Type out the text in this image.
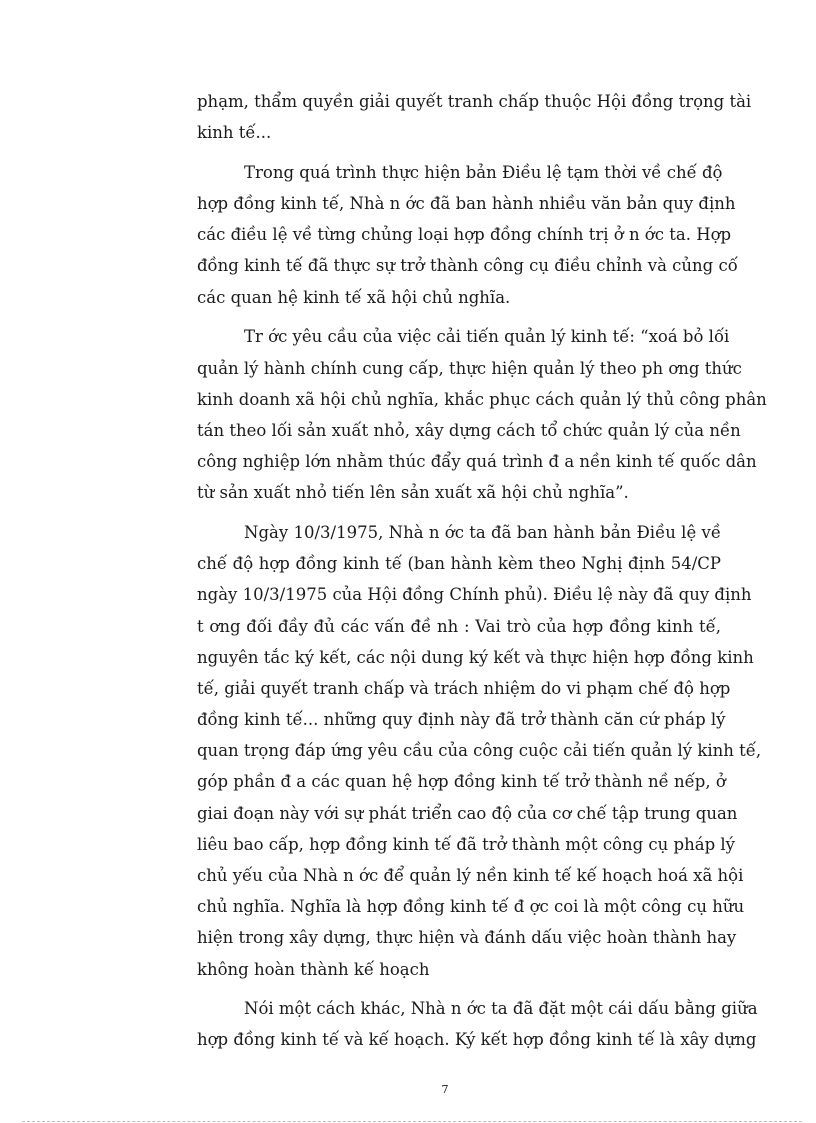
phạm, thẩm quyền giải quyết tranh chấp thuộc Hội đồng trọng tài
kinh tế...
Trong quá trình thực hiện bản Điều lệ tạm thời về chế độ
hợp đồng kinh tế, Nhà n ớc đã ban hành nhiều văn bản quy định
các điều lệ về từng chủng loại hợp đồng chính trị ở n ớc ta. Hợp
đồng kinh tế đã thực sự trở thành công cụ điều chỉnh và củng cố
các quan hệ kinh tế xã hội chủ nghĩa.
Tr ớc yêu cầu của việc cải tiến quản lý kinh tế: “xoá bỏ lối
quản lý hành chính cung cấp, thực hiện quản lý theo ph ơng thức
kinh doanh xã hội chủ nghĩa, khắc phục cách quản lý thủ công phân
tán theo lối sản xuất nhỏ, xây dựng cách tổ chức quản lý của nền
công nghiệp lớn nhằm thúc đẩy quá trình đ a nền kinh tế quốc dân
từ sản xuất nhỏ tiến lên sản xuất xã hội chủ nghĩa”.
Ngày 10/3/1975, Nhà n ớc ta đã ban hành bản Điều lệ về
chế độ hợp đồng kinh tế (ban hành kèm theo Nghị định 54/CP
ngày 10/3/1975 của Hội đồng Chính phủ). Điều lệ này đã quy định
t ơng đối đầy đủ các vấn đề nh : Vai trò của hợp đồng kinh tế,
nguyên tắc ký kết, các nội dung ký kết và thực hiện hợp đồng kinh
tế, giải quyết tranh chấp và trách nhiệm do vi phạm chế độ hợp
đồng kinh tế... những quy định này đã trở thành căn cứ pháp lý
quan trọng đáp ứng yêu cầu của công cuộc cải tiến quản lý kinh tế,
góp phần đ a các quan hệ hợp đồng kinh tế trở thành nề nếp, ở
giai đoạn này với sự phát triển cao độ của cơ chế tập trung quan
liêu bao cấp, hợp đồng kinh tế đã trở thành một công cụ pháp lý
chủ yếu của Nhà n ớc để quản lý nền kinh tế kế hoạch hoá xã hội
chủ nghĩa. Nghĩa là hợp đồng kinh tế đ ợc coi là một công cụ hữu
hiện trong xây dựng, thực hiện và đánh dấu việc hoàn thành hay
không hoàn thành kế hoạch
Nói một cách khác, Nhà n ớc ta đã đặt một cái dấu bằng giữa
hợp đồng kinh tế và kế hoạch. Ký kết hợp đồng kinh tế là xây dựng
7
